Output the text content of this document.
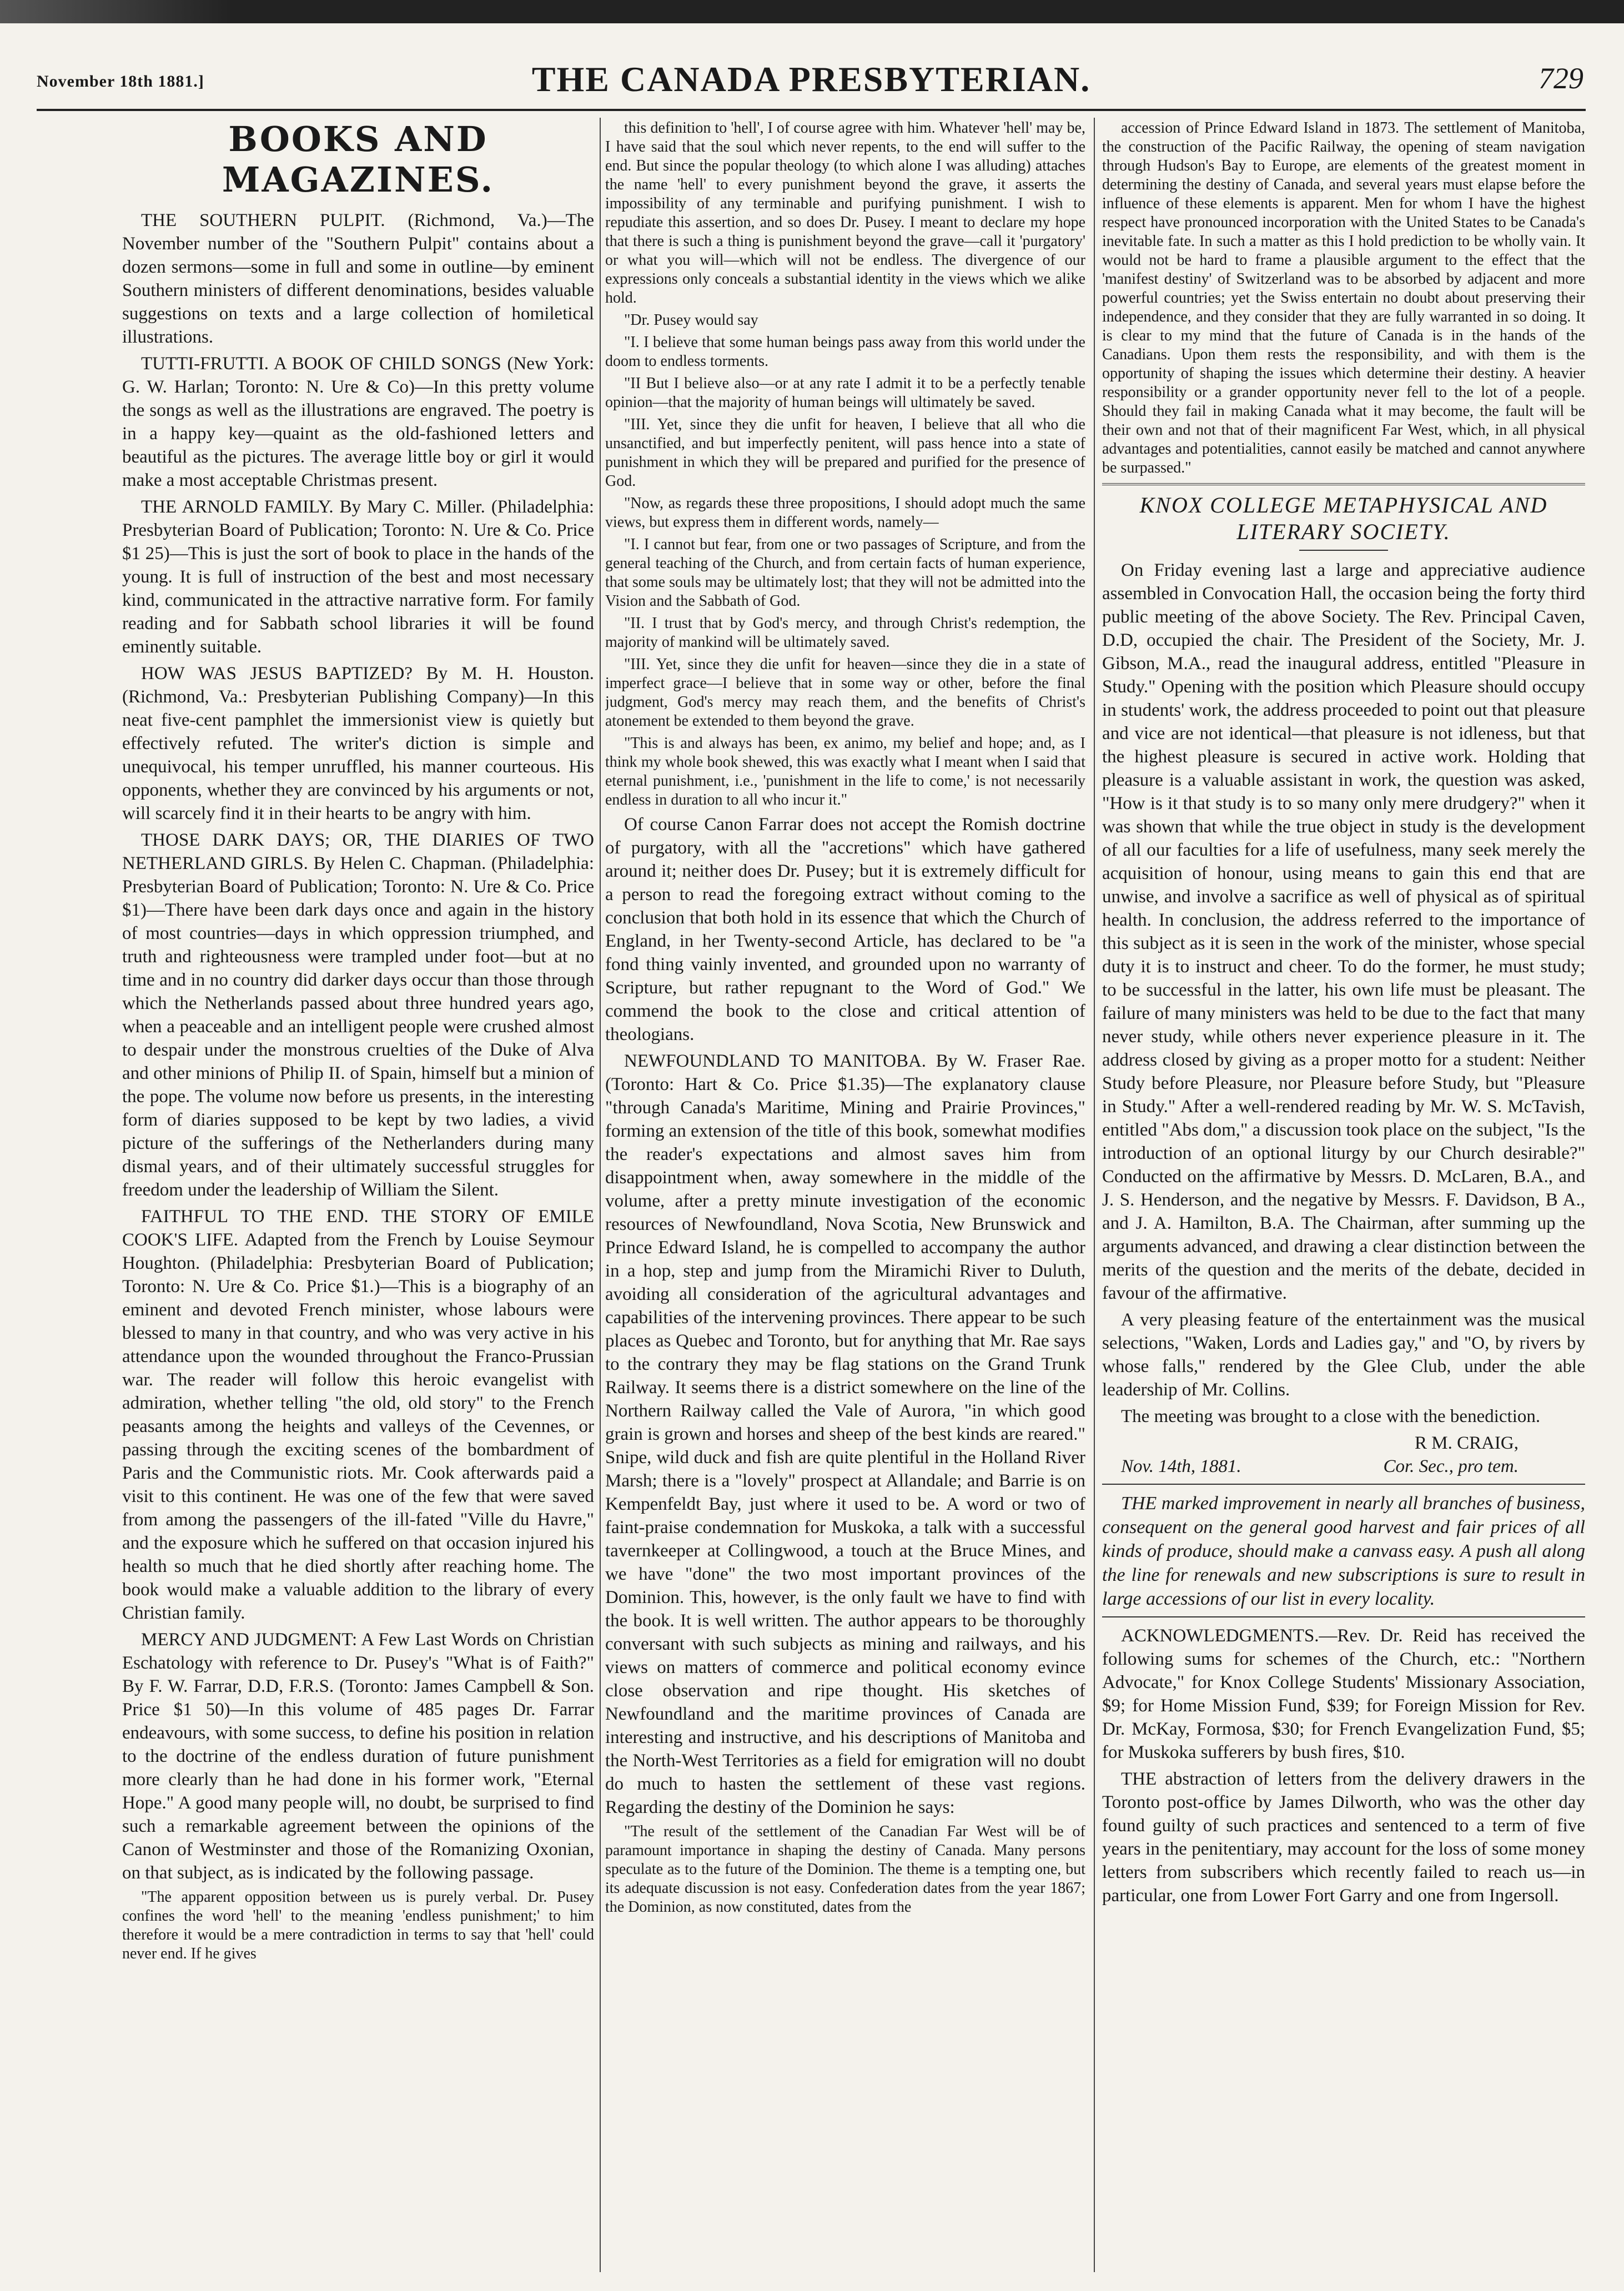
November 18th 1881.]	THE CANADA PRESBYTERIAN.	729
BOOKS AND MAGAZINES.

THE SOUTHERN PULPIT. (Richmond, Va.)—The November number of the "Southern Pulpit" contains about a dozen sermons—some in full and some in outline—by eminent Southern ministers of different denominations, besides valuable suggestions on texts and a large collection of homiletical illustrations.

TUTTI-FRUTTI. A BOOK OF CHILD SONGS (New York: G. W. Harlan; Toronto: N. Ure & Co)—In this pretty volume the songs as well as the illustrations are engraved. The poetry is in a happy key—quaint as the old-fashioned letters and beautiful as the pictures. The average little boy or girl it would make a most acceptable Christmas present.

THE ARNOLD FAMILY. By Mary C. Miller. (Philadelphia: Presbyterian Board of Publication; Toronto: N. Ure & Co. Price $1 25)—This is just the sort of book to place in the hands of the young. It is full of instruction of the best and most necessary kind, communicated in the attractive narrative form. For family reading and for Sabbath school libraries it will be found eminently suitable.

HOW WAS JESUS BAPTIZED? By M. H. Houston. (Richmond, Va.: Presbyterian Publishing Company)—In this neat five-cent pamphlet the immersionist view is quietly but effectively refuted. The writer's diction is simple and unequivocal, his temper unruffled, his manner courteous. His opponents, whether they are convinced by his arguments or not, will scarcely find it in their hearts to be angry with him.

THOSE DARK DAYS; OR, THE DIARIES OF TWO NETHERLAND GIRLS. By Helen C. Chapman. (Philadelphia: Presbyterian Board of Publication; Toronto: N. Ure & Co. Price $1)—There have been dark days once and again in the history of most countries—days in which oppression triumphed, and truth and righteousness were trampled under foot—but at no time and in no country did darker days occur than those through which the Netherlands passed about three hundred years ago, when a peaceable and an intelligent people were crushed almost to despair under the monstrous cruelties of the Duke of Alva and other minions of Philip II. of Spain, himself but a minion of the pope. The volume now before us presents, in the interesting form of diaries supposed to be kept by two ladies, a vivid picture of the sufferings of the Netherlanders during many dismal years, and of their ultimately successful struggles for freedom under the leadership of William the Silent.

FAITHFUL TO THE END. THE STORY OF EMILE COOK'S LIFE. Adapted from the French by Louise Seymour Houghton. (Philadelphia: Presbyterian Board of Publication; Toronto: N. Ure & Co. Price $1.)—This is a biography of an eminent and devoted French minister, whose labours were blessed to many in that country, and who was very active in his attendance upon the wounded throughout the Franco-Prussian war. The reader will follow this heroic evangelist with admiration, whether telling "the old, old story" to the French peasants among the heights and valleys of the Cevennes, or passing through the exciting scenes of the bombardment of Paris and the Communistic riots. Mr. Cook afterwards paid a visit to this continent. He was one of the few that were saved from among the passengers of the ill-fated "Ville du Havre," and the exposure which he suffered on that occasion injured his health so much that he died shortly after reaching home. The book would make a valuable addition to the library of every Christian family.

MERCY AND JUDGMENT: A Few Last Words on Christian Eschatology with reference to Dr. Pusey's "What is of Faith?" By F. W. Farrar, D.D, F.R.S. (Toronto: James Campbell & Son. Price $1 50)—In this volume of 485 pages Dr. Farrar endeavours, with some success, to define his position in relation to the doctrine of the endless duration of future punishment more clearly than he had done in his former work, "Eternal Hope." A good many people will, no doubt, be surprised to find such a remarkable agreement between the opinions of the Canon of Westminster and those of the Romanizing Oxonian, on that subject, as is indicated by the following passage.

"The apparent opposition between us is purely verbal. Dr. Pusey confines the word 'hell' to the meaning 'endless punishment;' to him therefore it would be a mere contradiction in terms to say that 'hell' could never end. If he gives

this definition to 'hell', I of course agree with him. Whatever 'hell' may be, I have said that the soul which never repents, to the end will suffer to the end. But since the popular theology (to which alone I was alluding) attaches the name 'hell' to every punishment beyond the grave, it asserts the impossibility of any terminable and purifying punishment. I wish to repudiate this assertion, and so does Dr. Pusey. I meant to declare my hope that there is such a thing is punishment beyond the grave—call it 'purgatory' or what you will—which will not be endless. The divergence of our expressions only conceals a substantial identity in the views which we alike hold.

"Dr. Pusey would say

"I. I believe that some human beings pass away from this world under the doom to endless torments.

"II But I believe also—or at any rate I admit it to be a perfectly tenable opinion—that the majority of human beings will ultimately be saved.

"III. Yet, since they die unfit for heaven, I believe that all who die unsanctified, and but imperfectly penitent, will pass hence into a state of punishment in which they will be prepared and purified for the presence of God.

"Now, as regards these three propositions, I should adopt much the same views, but express them in different words, namely—

"I. I cannot but fear, from one or two passages of Scripture, and from the general teaching of the Church, and from certain facts of human experience, that some souls may be ultimately lost; that they will not be admitted into the Vision and the Sabbath of God.

"II. I trust that by God's mercy, and through Christ's redemption, the majority of mankind will be ultimately saved.

"III. Yet, since they die unfit for heaven—since they die in a state of imperfect grace—I believe that in some way or other, before the final judgment, God's mercy may reach them, and the benefits of Christ's atonement be extended to them beyond the grave.

"This is and always has been, ex animo, my belief and hope; and, as I think my whole book shewed, this was exactly what I meant when I said that eternal punishment, i.e., 'punishment in the life to come,' is not necessarily endless in duration to all who incur it."

Of course Canon Farrar does not accept the Romish doctrine of purgatory, with all the "accretions" which have gathered around it; neither does Dr. Pusey; but it is extremely difficult for a person to read the foregoing extract without coming to the conclusion that both hold in its essence that which the Church of England, in her Twenty-second Article, has declared to be "a fond thing vainly invented, and grounded upon no warranty of Scripture, but rather repugnant to the Word of God." We commend the book to the close and critical attention of theologians.

NEWFOUNDLAND TO MANITOBA. By W. Fraser Rae. (Toronto: Hart & Co. Price $1.35)—The explanatory clause "through Canada's Maritime, Mining and Prairie Provinces," forming an extension of the title of this book, somewhat modifies the reader's expectations and almost saves him from disappointment when, away somewhere in the middle of the volume, after a pretty minute investigation of the economic resources of Newfoundland, Nova Scotia, New Brunswick and Prince Edward Island, he is compelled to accompany the author in a hop, step and jump from the Miramichi River to Duluth, avoiding all consideration of the agricultural advantages and capabilities of the intervening provinces. There appear to be such places as Quebec and Toronto, but for anything that Mr. Rae says to the contrary they may be flag stations on the Grand Trunk Railway. It seems there is a district somewhere on the line of the Northern Railway called the Vale of Aurora, "in which good grain is grown and horses and sheep of the best kinds are reared." Snipe, wild duck and fish are quite plentiful in the Holland River Marsh; there is a "lovely" prospect at Allandale; and Barrie is on Kempenfeldt Bay, just where it used to be. A word or two of faint-praise condemnation for Muskoka, a talk with a successful tavernkeeper at Collingwood, a touch at the Bruce Mines, and we have "done" the two most important provinces of the Dominion. This, however, is the only fault we have to find with the book. It is well written. The author appears to be thoroughly conversant with such subjects as mining and railways, and his views on matters of commerce and political economy evince close observation and ripe thought. His sketches of Newfoundland and the maritime provinces of Canada are interesting and instructive, and his descriptions of Manitoba and the North-West Territories as a field for emigration will no doubt do much to hasten the settlement of these vast regions. Regarding the destiny of the Dominion he says:

"The result of the settlement of the Canadian Far West will be of paramount importance in shaping the destiny of Canada. Many persons speculate as to the future of the Dominion. The theme is a tempting one, but its adequate discussion is not easy. Confederation dates from the year 1867; the Dominion, as now constituted, dates from the

accession of Prince Edward Island in 1873. The settlement of Manitoba, the construction of the Pacific Railway, the opening of steam navigation through Hudson's Bay to Europe, are elements of the greatest moment in determining the destiny of Canada, and several years must elapse before the influence of these elements is apparent. Men for whom I have the highest respect have pronounced incorporation with the United States to be Canada's inevitable fate. In such a matter as this I hold prediction to be wholly vain. It would not be hard to frame a plausible argument to the effect that the 'manifest destiny' of Switzerland was to be absorbed by adjacent and more powerful countries; yet the Swiss entertain no doubt about preserving their independence, and they consider that they are fully warranted in so doing. It is clear to my mind that the future of Canada is in the hands of the Canadians. Upon them rests the responsibility, and with them is the opportunity of shaping the issues which determine their destiny. A heavier responsibility or a grander opportunity never fell to the lot of a people. Should they fail in making Canada what it may become, the fault will be their own and not that of their magnificent Far West, which, in all physical advantages and potentialities, cannot easily be matched and cannot anywhere be surpassed."

KNOX COLLEGE METAPHYSICAL AND LITERARY SOCIETY.

On Friday evening last a large and appreciative audience assembled in Convocation Hall, the occasion being the forty third public meeting of the above Society. The Rev. Principal Caven, D.D, occupied the chair. The President of the Society, Mr. J. Gibson, M.A., read the inaugural address, entitled "Pleasure in Study." Opening with the position which Pleasure should occupy in students' work, the address proceeded to point out that pleasure and vice are not identical—that pleasure is not idleness, but that the highest pleasure is secured in active work. Holding that pleasure is a valuable assistant in work, the question was asked, "How is it that study is to so many only mere drudgery?" when it was shown that while the true object in study is the development of all our faculties for a life of usefulness, many seek merely the acquisition of honour, using means to gain this end that are unwise, and involve a sacrifice as well of physical as of spiritual health. In conclusion, the address referred to the importance of this subject as it is seen in the work of the minister, whose special duty it is to instruct and cheer. To do the former, he must study; to be successful in the latter, his own life must be pleasant. The failure of many ministers was held to be due to the fact that many never study, while others never experience pleasure in it. The address closed by giving as a proper motto for a student: Neither Study before Pleasure, nor Pleasure before Study, but "Pleasure in Study." After a well-rendered reading by Mr. W. S. McTavish, entitled "Abs dom," a discussion took place on the subject, "Is the introduction of an optional liturgy by our Church desirable?" Conducted on the affirmative by Messrs. D. McLaren, B.A., and J. S. Henderson, and the negative by Messrs. F. Davidson, B A., and J. A. Hamilton, B.A. The Chairman, after summing up the arguments advanced, and drawing a clear distinction between the merits of the question and the merits of the debate, decided in favour of the affirmative.

A very pleasing feature of the entertainment was the musical selections, "Waken, Lords and Ladies gay," and "O, by rivers by whose falls," rendered by the Glee Club, under the able leadership of Mr. Collins.

The meeting was brought to a close with the benediction.

R M. CRAIG,
Nov. 14th, 1881.	Cor. Sec., pro tem.

THE marked improvement in nearly all branches of business, consequent on the general good harvest and fair prices of all kinds of produce, should make a canvass easy. A push all along the line for renewals and new subscriptions is sure to result in large accessions of our list in every locality.

ACKNOWLEDGMENTS.—Rev. Dr. Reid has received the following sums for schemes of the Church, etc.: "Northern Advocate," for Knox College Students' Missionary Association, $9; for Home Mission Fund, $39; for Foreign Mission for Rev. Dr. McKay, Formosa, $30; for French Evangelization Fund, $5; for Muskoka sufferers by bush fires, $10.

THE abstraction of letters from the delivery drawers in the Toronto post-office by James Dilworth, who was the other day found guilty of such practices and sentenced to a term of five years in the penitentiary, may account for the loss of some money letters from subscribers which recently failed to reach us—in particular, one from Lower Fort Garry and one from Ingersoll.
